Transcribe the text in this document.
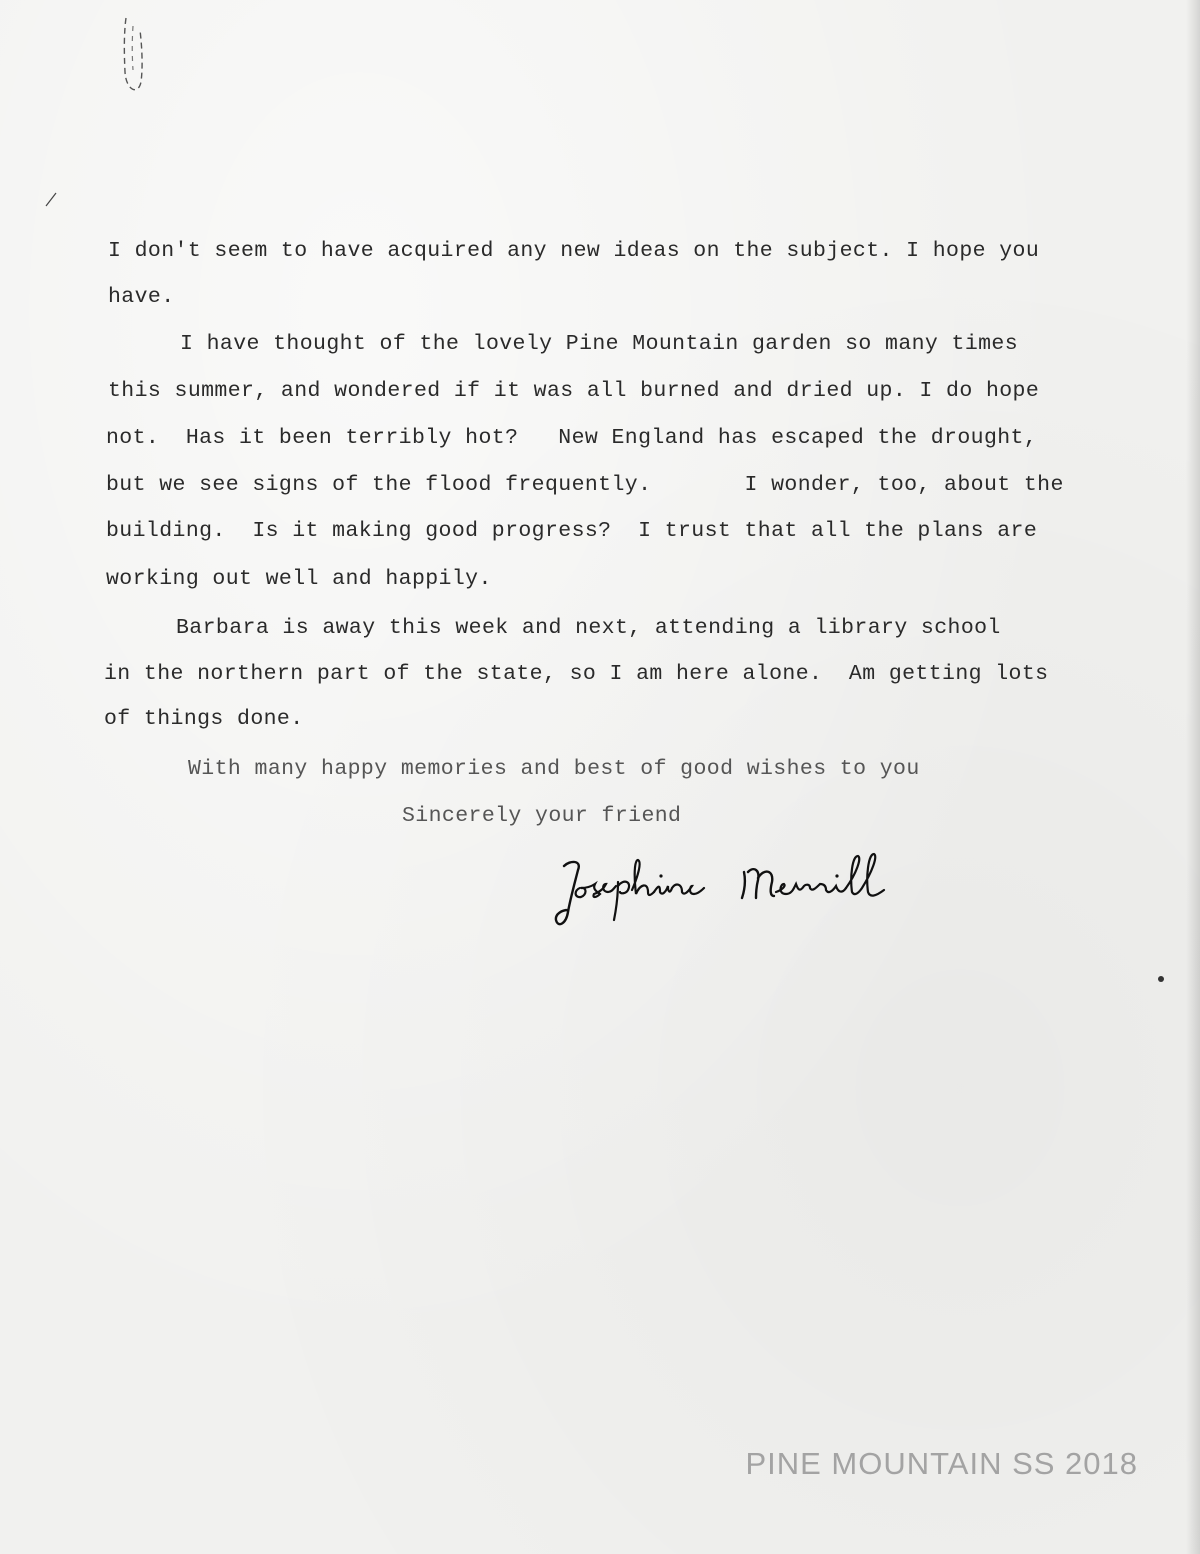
I don't seem to have acquired any new ideas on the subject. I hope you
have.
I have thought of the lovely Pine Mountain garden so many times
this summer, and wondered if it was all burned and dried up. I do hope
not.  Has it been terribly hot?   New England has escaped the drought,
but we see signs of the flood frequently.       I wonder, too, about the
building.  Is it making good progress?  I trust that all the plans are
working out well and happily.
Barbara is away this week and next, attending a library school
in the northern part of the state, so I am here alone.  Am getting lots
of things done.
With many happy memories and best of good wishes to you
Sincerely your friend
PINE MOUNTAIN SS 2018
